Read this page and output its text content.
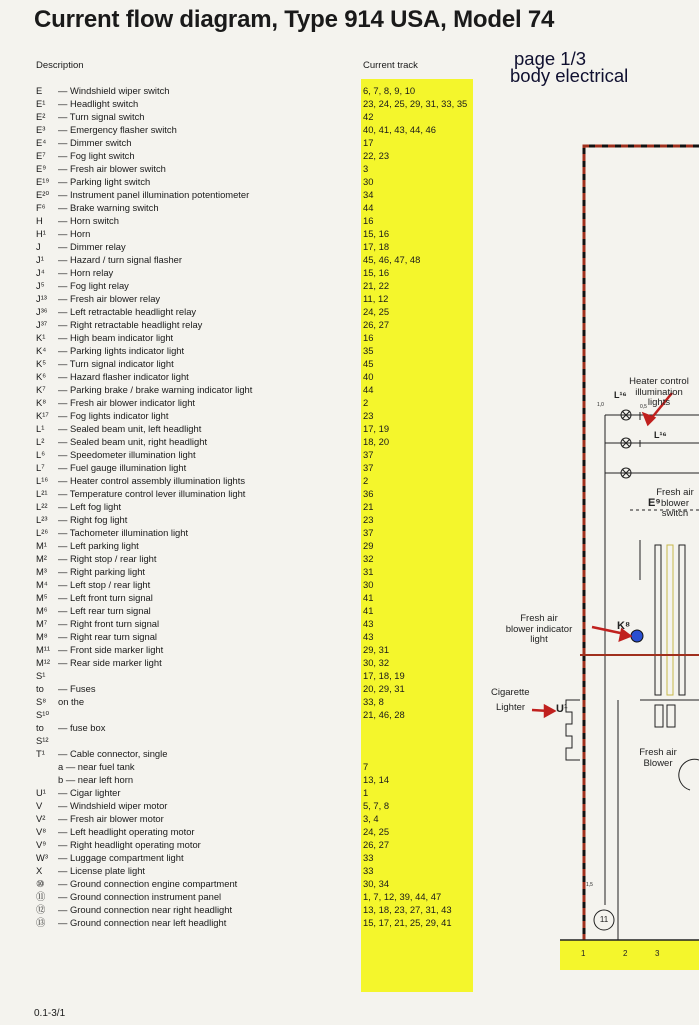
Current flow diagram, Type 914 USA, Model 74
page 1/3
body electrical
Description	Current track
E	— Windshield wiper switch	6, 7, 8, 9, 10
E¹	— Headlight switch	23, 24, 25, 29, 31, 33, 35
E²	— Turn signal switch	42
E³	— Emergency flasher switch	40, 41, 43, 44, 46
E⁴	— Dimmer switch	17
E⁷	— Fog light switch	22, 23
E⁹	— Fresh air blower switch	3
E¹⁹ — Parking light switch	30
E²⁰ — Instrument panel illumination potentiometer	34
F⁶	— Brake warning switch	44
H	— Horn switch	16
H¹	— Horn	15, 16
J	— Dimmer relay	17, 18
J¹	— Hazard / turn signal flasher	45, 46, 47, 48
J⁴	— Horn relay	15, 16
J⁵	— Fog light relay	21, 22
J¹³	— Fresh air blower relay	11, 12
J³⁶	— Left retractable headlight relay	24, 25
J³⁷	— Right retractable headlight relay	26, 27
K¹	— High beam indicator light	16
K⁴	— Parking lights indicator light	35
K⁵	— Turn signal indicator light	45
K⁶	— Hazard flasher indicator light	40
K⁷	— Parking brake / brake warning indicator light	44
K⁸	— Fresh air blower indicator light	2
K¹⁷ — Fog lights indicator light	23
L¹	— Sealed beam unit, left headlight	17, 19
L²	— Sealed beam unit, right headlight	18, 20
L⁶	— Speedometer illumination light	37
L⁷	— Fuel gauge illumination light	37
L¹⁶	— Heater control assembly illumination lights	2
L²¹	— Temperature control lever illumination light	36
L²²	— Left fog light	21
L²³	— Right fog light	23
L²⁶	— Tachometer illumination light	37
M¹	— Left parking light	29
M²	— Right stop / rear light	32
M³	— Right parking light	31
M⁴	— Left stop / rear light	30
M⁵	— Left front turn signal	41
M⁶	— Left rear turn signal	41
M⁷	— Right front turn signal	43
M⁸	— Right rear turn signal	43
M¹¹ — Front side marker light	29, 31
M¹² — Rear side marker light	30, 32
S¹	17, 18, 19
to	— Fuses	20, 29, 31
S⁸	on the	33, 8
S¹⁰	21, 46, 28
to	— fuse box
S¹²
T¹	— Cable connector, single
a — near fuel tank	7
b — near left horn	13, 14
U¹	— Cigar lighter	1
V	— Windshield wiper motor	5, 7, 8
V²	— Fresh air blower motor	3, 4
V⁸	— Left headlight operating motor	24, 25
V⁹	— Right headlight operating motor	26, 27
W³	— Luggage compartment light	33
X	— License plate light	33
⑩	— Ground connection engine compartment	30, 34
⑪	— Ground connection instrument panel	1, 7, 12, 39, 44, 47
⑫	— Ground connection near right headlight	13, 18, 23, 27, 31, 43
⑬	— Ground connection near left headlight	15, 17, 21, 25, 29, 41
Heater control
illumination
lights
L¹⁶
L¹⁶
Fresh air
blower
switch
E⁹
Fresh air
blower indicator
light
K⁸
Cigarette
Lighter	U¹
Fresh air
Blower
11
1	2	3
1,0	0,5
1,5
0.1-3/1
